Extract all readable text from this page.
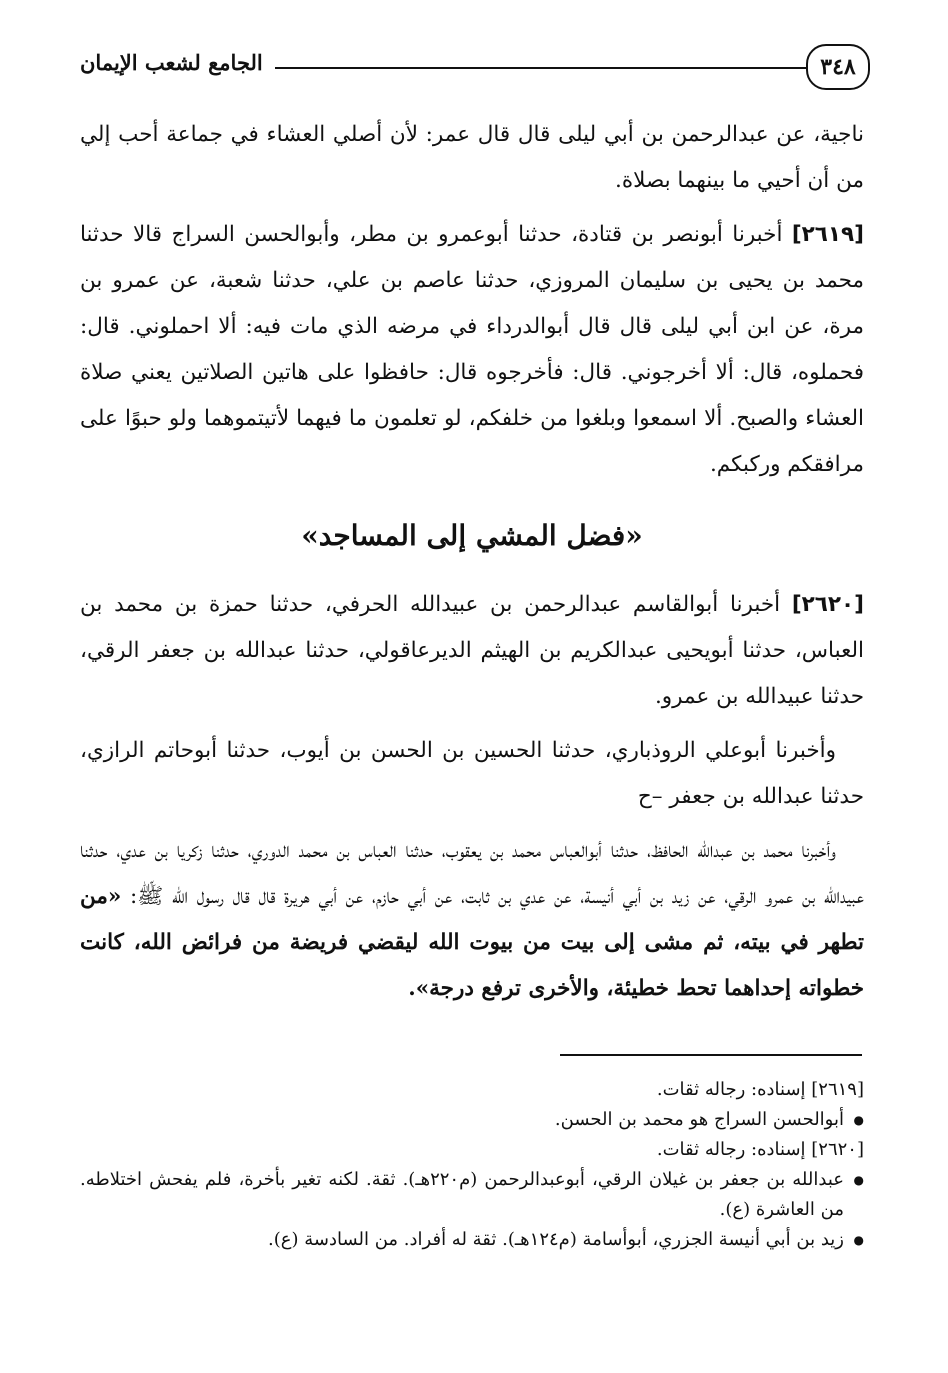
٣٤٨
الجامع لشعب الإيمان

ناجية، عن عبدالرحمن بن أبي ليلى قال قال عمر: لأن أصلي العشاء في جماعة أحب إلي من أن أحيي ما بينهما بصلاة.

[٢٦١٩] أخبرنا أبونصر بن قتادة، حدثنا أبوعمرو بن مطر، وأبوالحسن السراج قالا حدثنا محمد بن يحيى بن سليمان المروزي، حدثنا عاصم بن علي، حدثنا شعبة، عن عمرو بن مرة، عن ابن أبي ليلى قال قال أبوالدرداء في مرضه الذي مات فيه: ألا احملوني. قال: فحملوه، قال: ألا أخرجوني. قال: فأخرجوه قال: حافظوا على هاتين الصلاتين يعني صلاة العشاء والصبح. ألا اسمعوا وبلغوا من خلفكم، لو تعلمون ما فيهما لأتيتموهما ولو حبوًا على مرافقكم وركبكم.

«فضل المشي إلى المساجد»

[٢٦٢٠] أخبرنا أبوالقاسم عبدالرحمن بن عبيدالله الحرفي، حدثنا حمزة بن محمد بن العباس، حدثنا أبويحيى عبدالكريم بن الهيثم الديرعاقولي، حدثنا عبدالله بن جعفر الرقي، حدثنا عبيدالله بن عمرو.

وأخبرنا أبوعلي الروذباري، حدثنا الحسين بن الحسن بن أيوب، حدثنا أبوحاتم الرازي، حدثنا عبدالله بن جعفر –ح

وأخبرنا محمد بن عبدالله الحافظ، حدثنا أبوالعباس محمد بن يعقوب، حدثنا العباس بن محمد الدوري، حدثنا زكريا بن عدي، حدثنا عبيدالله بن عمرو الرقي، عن زيد بن أبي أنيسة، عن عدي بن ثابت، عن أبي حازم، عن أبي هريرة قال قال رسول الله ﷺ: «من تطهر في بيته، ثم مشى إلى بيت من بيوت الله ليقضي فريضة من فرائض الله، كانت خطواته إحداهما تحط خطيئة، والأخرى ترفع درجة».

[٢٦١٩] إسناده: رجاله ثقات.

● أبوالحسن السراج هو محمد بن الحسن.

[٢٦٢٠] إسناده: رجاله ثقات.

● عبدالله بن جعفر بن غيلان الرقي، أبوعبدالرحمن (م٢٢٠هـ). ثقة. لكنه تغير بأخرة، فلم يفحش اختلاطه. من العاشرة (ع).

● زيد بن أبي أنيسة الجزري، أبوأسامة (م١٢٤هـ). ثقة له أفراد. من السادسة (ع).
